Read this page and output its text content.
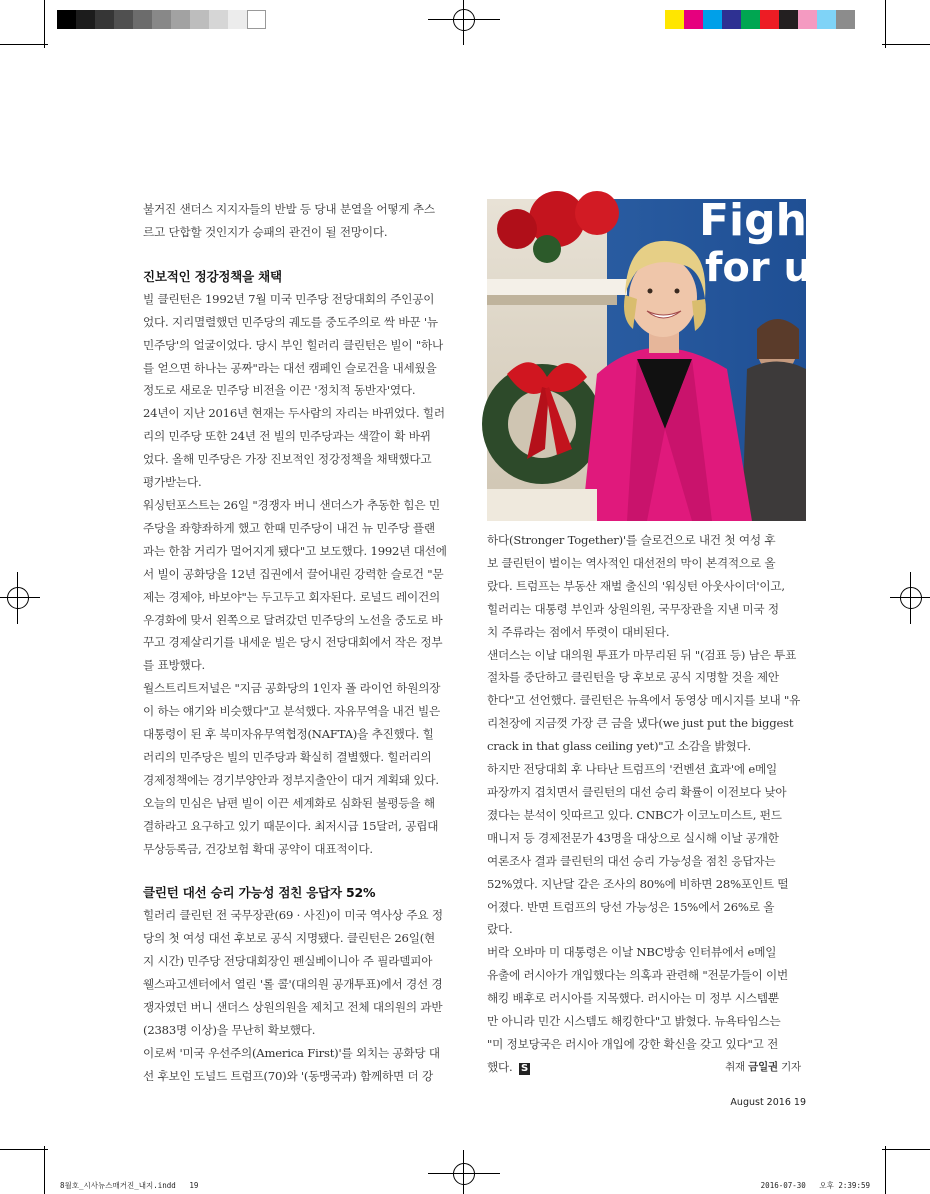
불거진 샌더스 지지자들의 반발 등 당내 분열을 어떻게 추스

르고 단합할 것인지가 승패의 관건이 될 전망이다.

진보적인 정강정책을 채택

빌 클린턴은 1992년 7월 미국 민주당 전당대회의 주인공이

었다. 지리멸렬했던 민주당의 궤도를 중도주의로 싹 바꾼 '뉴

민주당'의 얼굴이었다. 당시 부인 힐러리 클린턴은 빌이 "하나

를 얻으면 하나는 공짜"라는 대선 캠페인 슬로건을 내세웠을

정도로 새로운 민주당 비전을 이끈 '정치적 동반자'였다.

24년이 지난 2016년 현재는 두사람의 자리는 바뀌었다. 힐러

리의 민주당 또한 24년 전 빌의 민주당과는 색깔이 확 바뀌

었다. 올해 민주당은 가장 진보적인 정강정책을 채택했다고

평가받는다.

워싱턴포스트는 26일 "경쟁자 버니 샌더스가 추동한 힘은 민

주당을 좌향좌하게 했고 한때 민주당이 내건 뉴 민주당 플랜

과는 한참 거리가 멀어지게 됐다"고 보도했다. 1992년 대선에

서 빌이 공화당을 12년 집권에서 끌어내린 강력한 슬로건 "문

제는 경제야, 바보야"는 두고두고 회자된다. 로널드 레이건의

우경화에 맞서 왼쪽으로 달려갔던 민주당의 노선을 중도로 바

꾸고 경제살리기를 내세운 빌은 당시 전당대회에서 작은 정부

를 표방했다.

월스트리트저널은 "지금 공화당의 1인자 폴 라이언 하원의장

이 하는 얘기와 비슷했다"고 분석했다. 자유무역을 내건 빌은

대통령이 된 후 북미자유무역협정(NAFTA)을 추진했다. 힐

러리의 민주당은 빌의 민주당과 확실히 결별했다. 힐러리의

경제정책에는 경기부양안과 정부지출안이 대거 계획돼 있다.

오늘의 민심은 남편 빌이 이끈 세계화로 심화된 불평등을 해

결하라고 요구하고 있기 때문이다. 최저시급 15달러, 공립대

무상등록금, 건강보험 확대 공약이 대표적이다.

클린턴 대선 승리 가능성 점친 응답자 52%

힐러리 클린턴 전 국무장관(69 · 사진)이 미국 역사상 주요 정

당의 첫 여성 대선 후보로 공식 지명됐다. 클린턴은 26일(현

지 시간) 민주당 전당대회장인 펜실베이니아 주 필라델피아

웰스파고센터에서 열린 '롤 콜'(대의원 공개투표)에서 경선 경

쟁자였던 버니 샌더스 상원의원을 제치고 전체 대의원의 과반

(2383명 이상)을 무난히 확보했다.

이로써 '미국 우선주의(America First)'를 외치는 공화당 대

선 후보인 도널드 트럼프(70)와 '(동맹국과) 함께하면 더 강

Fight
for us

하다(Stronger Together)'를 슬로건으로 내건 첫 여성 후

보 클린턴이 벌이는 역사적인 대선전의 막이 본격적으로 올

랐다. 트럼프는 부동산 재벌 출신의 '워싱턴 아웃사이더'이고,

힐러리는 대통령 부인과 상원의원, 국무장관을 지낸 미국 정

치 주류라는 점에서 뚜렷이 대비된다.

샌더스는 이날 대의원 투표가 마무리된 뒤 "(검표 등) 남은 투표

절차를 중단하고 클린턴을 당 후보로 공식 지명할 것을 제안

한다"고 선언했다. 클린턴은 뉴욕에서 동영상 메시지를 보내 "유

리천장에 지금껏 가장 큰 금을 냈다(we just put the biggest

crack in that glass ceiling yet)"고 소감을 밝혔다.

하지만 전당대회 후 나타난 트럼프의 '컨벤션 효과'에 e메일

파장까지 겹치면서 클린턴의 대선 승리 확률이 이전보다 낮아

졌다는 분석이 잇따르고 있다. CNBC가 이코노미스트, 펀드

매니저 등 경제전문가 43명을 대상으로 실시해 이날 공개한

여론조사 결과 클린턴의 대선 승리 가능성을 점친 응답자는

52%였다. 지난달 같은 조사의 80%에 비하면 28%포인트 떨

어졌다. 반면 트럼프의 당선 가능성은 15%에서 26%로 올

랐다.

버락 오바마 미 대통령은 이날 NBC방송 인터뷰에서 e메일

유출에 러시아가 개입했다는 의혹과 관련해 "전문가들이 이번

해킹 배후로 러시아를 지목했다. 러시아는 미 정부 시스템뿐

만 아니라 민간 시스템도 해킹한다"고 밝혔다. 뉴욕타임스는

"미 정보당국은 러시아 개입에 강한 확신을 갖고 있다"고 전

했다. S	취재 금일권 기자

August 2016 19
8월호_시사뉴스매거진_내지.indd   19	2016-07-30   오후 2:39:59
